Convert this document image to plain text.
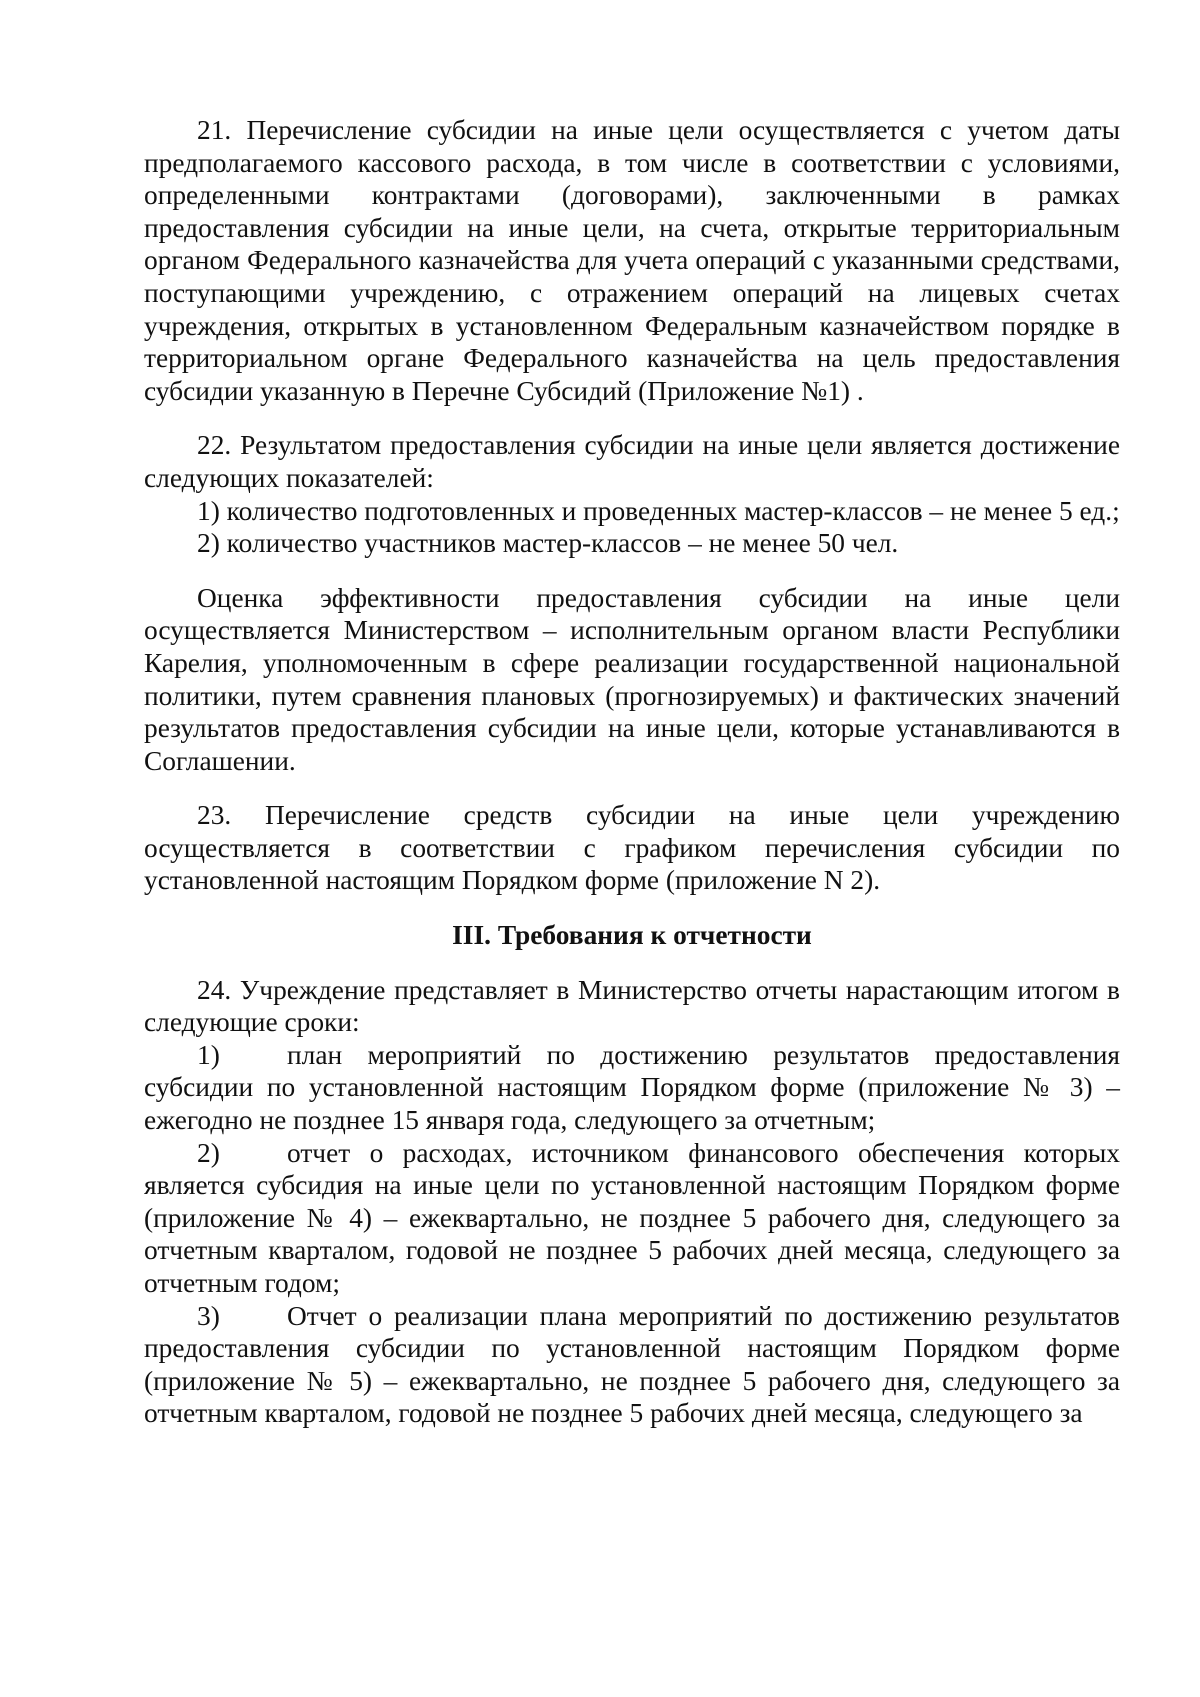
21. Перечисление субсидии на иные цели осуществляется с учетом даты предполагаемого кассового расхода, в том числе в соответствии с условиями, определенными контрактами (договорами), заключенными в рамках предоставления субсидии на иные цели, на счета, открытые территориальным органом Федерального казначейства для учета операций с указанными средствами, поступающими учреждению, с отражением операций на лицевых счетах учреждения, открытых в установленном Федеральным казначейством порядке в территориальном органе Федерального казначейства на цель предоставления субсидии указанную в Перечне Субсидий (Приложение №1) .

22. Результатом предоставления субсидии на иные цели является достижение следующих показателей:

1) количество подготовленных и проведенных мастер-классов – не менее 5 ед.;

2) количество участников мастер-классов – не менее 50 чел.

Оценка эффективности предоставления субсидии на иные цели осуществляется Министерством – исполнительным органом власти Республики Карелия, уполномоченным в сфере реализации государственной национальной политики, путем сравнения плановых (прогнозируемых) и фактических значений результатов предоставления субсидии на иные цели, которые устанавливаются в Соглашении.

23. Перечисление средств субсидии на иные цели учреждению осуществляется в соответствии с графиком перечисления субсидии по установленной настоящим Порядком форме (приложение N 2).

III. Требования к отчетности

24. Учреждение представляет в Министерство отчеты нарастающим итогом в следующие сроки:

1) план мероприятий по достижению результатов предоставления субсидии по установленной настоящим Порядком форме (приложение № 3) – ежегодно не позднее 15 января года, следующего за отчетным;

2) отчет о расходах, источником финансового обеспечения которых является субсидия на иные цели по установленной настоящим Порядком форме (приложение № 4) – ежеквартально, не позднее 5 рабочего дня, следующего за отчетным кварталом, годовой не позднее 5 рабочих дней месяца, следующего за отчетным годом;

3) Отчет о реализации плана мероприятий по достижению результатов предоставления субсидии по установленной настоящим Порядком форме (приложение № 5) – ежеквартально, не позднее 5 рабочего дня, следующего за отчетным кварталом, годовой не позднее 5 рабочих дней месяца, следующего за
